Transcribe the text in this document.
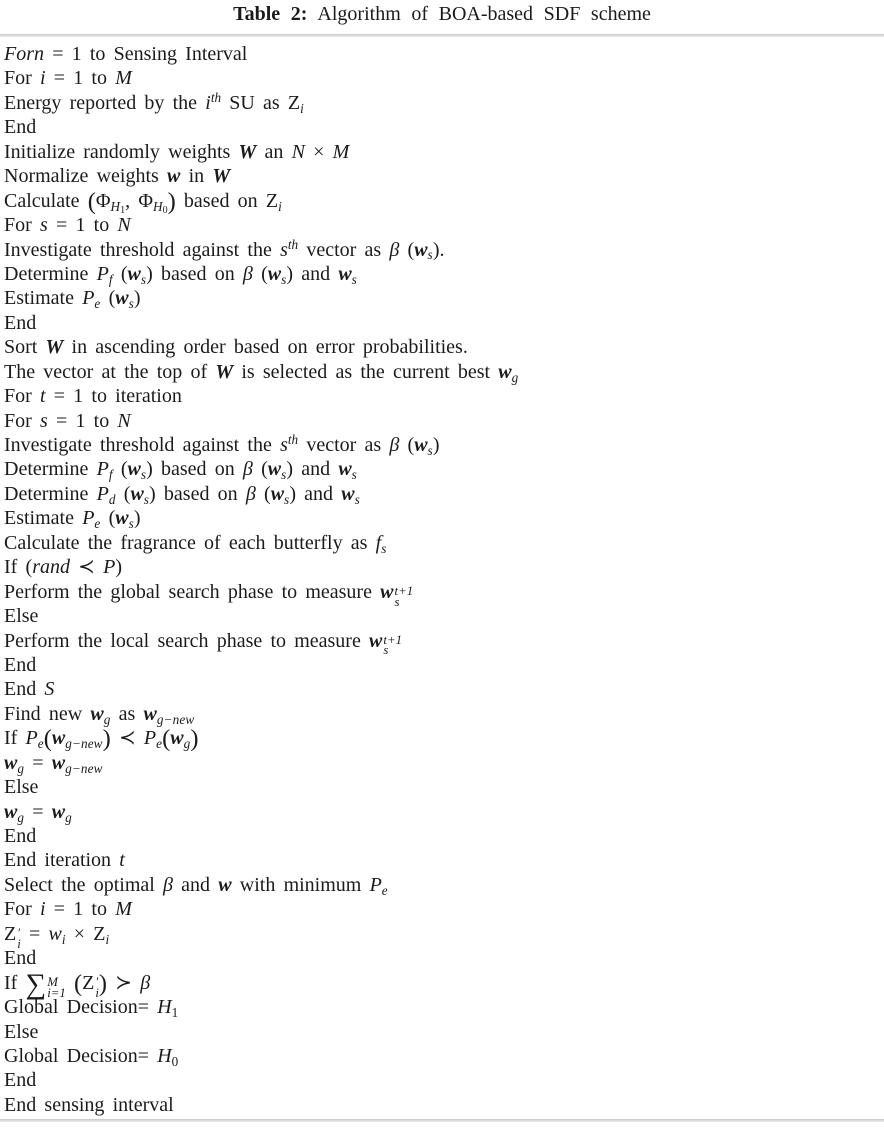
Table 2: Algorithm of BOA-based SDF scheme
Forn = 1 to Sensing Interval
For i = 1 to M
Energy reported by the $i^{th}$ SU as Zi
End
Initialize randomly weights W an N × M
Normalize weights w in W
Calculate ($\Phi H_1$, $\Phi H_0$) based on Zi
For s = 1 to N
Investigate threshold against the $s^{th}$ vector as β (ws).
Determine Pf (ws) based on β (ws) and ws
Estimate Pe (ws)
End
Sort W in ascending order based on error probabilities.
The vector at the top of W is selected as the current best wg
For t = 1 to iteration
For s = 1 to N
Investigate threshold against the $s^{th}$ vector as β (ws)
Determine Pf (ws) based on β (ws) and ws
Determine Pd (ws) based on β (ws) and ws
Estimate Pe (ws)
Calculate the fragrance of each butterfly as fs
If (rand ≺ P)
Perform the global search phase to measure w t+1
s
Else
Perform the local search phase to measure w t+1
s
End
End S
Find new wg as wg−new
If Pe(wg−new) ≺ Pe(wg)
wg = wg−new
Else
wg = wg
End
End iteration t
Select the optimal β and w with minimum Pe
For i = 1 to M
Z ′
i = wi × Zi
End
If ∑ M
i=1 (Z ′
i ) ≻ β
Global Decision= H1
Else
Global Decision= H0
End
End sensing interval
